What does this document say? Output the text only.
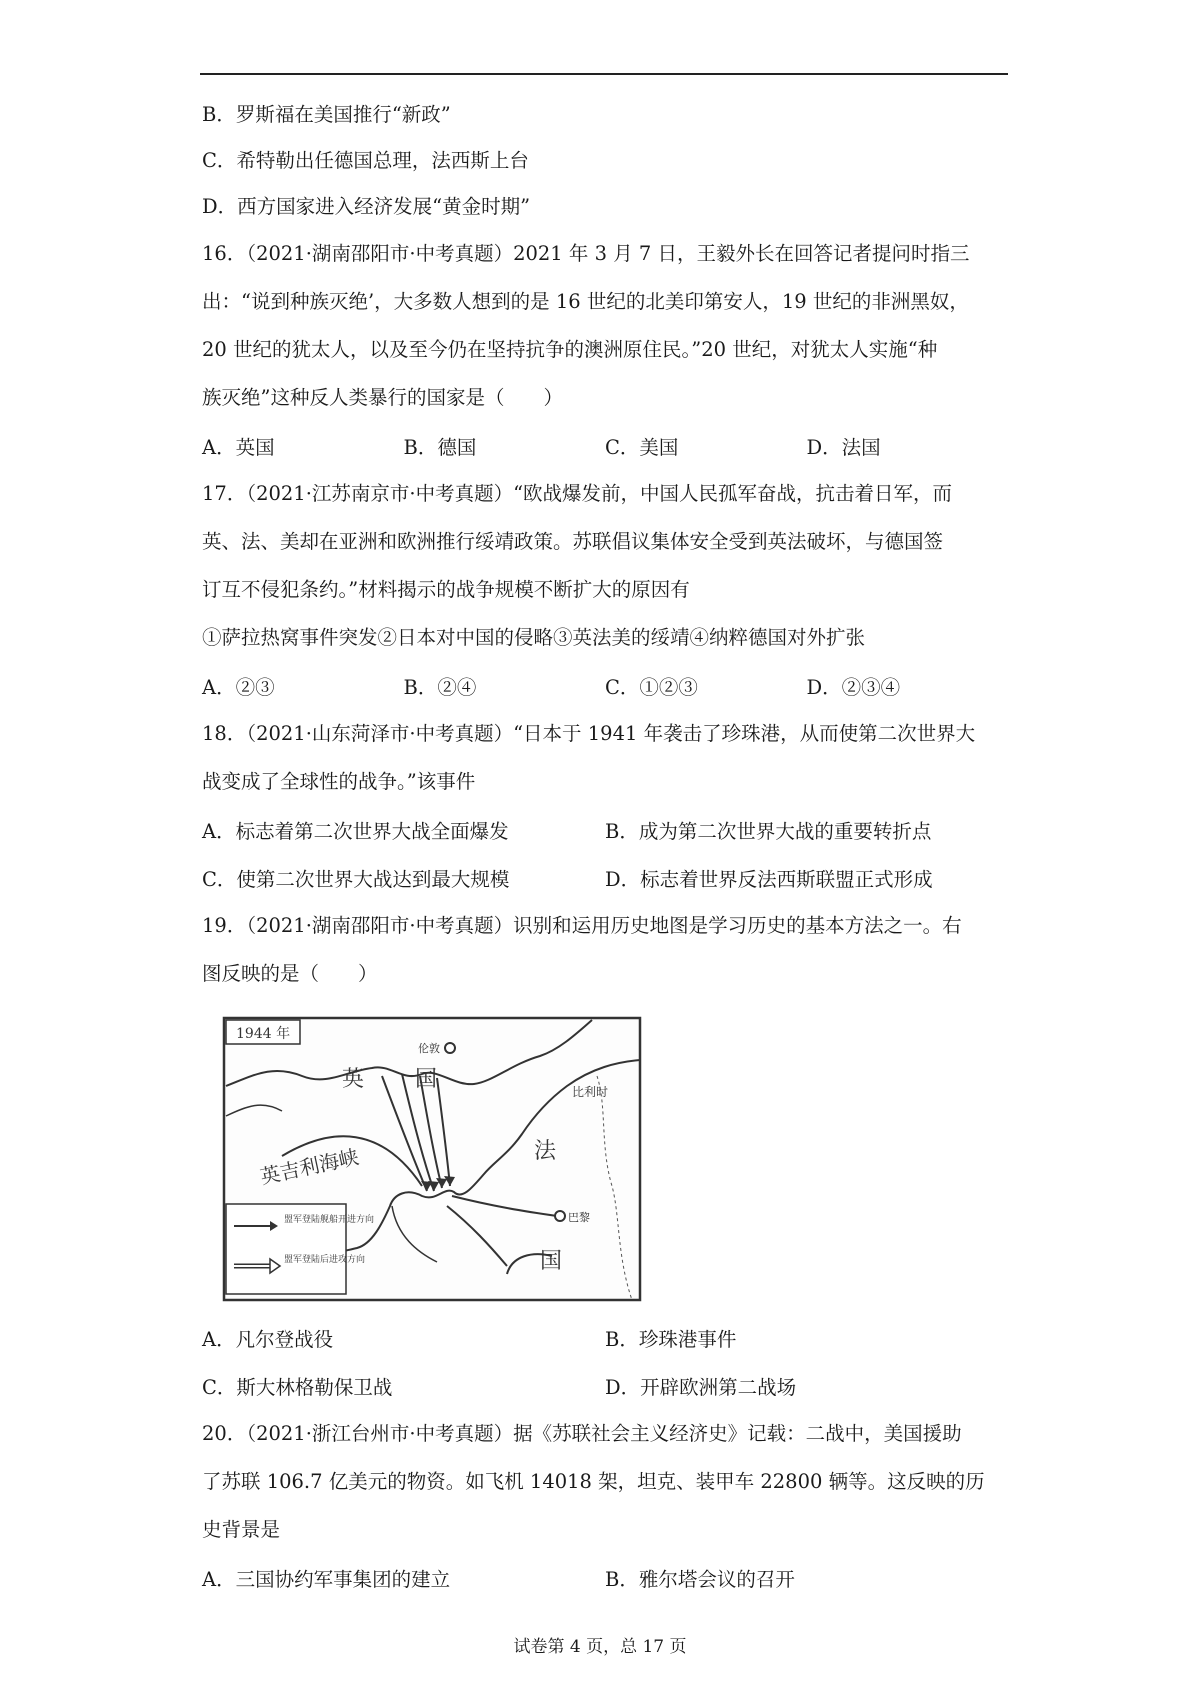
B．罗斯福在美国推行“新政”

C．希特勒出任德国总理，法西斯上台

D．西方国家进入经济发展“黄金时期”

16．（2021·湖南邵阳市·中考真题）2021 年 3 月 7 日，王毅外长在回答记者提问时指三

出：“说到种族灭绝’，大多数人想到的是 16 世纪的北美印第安人，19 世纪的非洲黑奴，

20 世纪的犹太人，以及至今仍在坚持抗争的澳洲原住民。”20 世纪，对犹太人实施“种

族灭绝”这种反人类暴行的国家是（　　）

A．英国	B．德国	C．美国	D．法国

17．（2021·江苏南京市·中考真题）“欧战爆发前，中国人民孤军奋战，抗击着日军，而

英、法、美却在亚洲和欧洲推行绥靖政策。苏联倡议集体安全受到英法破坏，与德国签

订互不侵犯条约。”材料揭示的战争规模不断扩大的原因有

①萨拉热窝事件突发②日本对中国的侵略③英法美的绥靖④纳粹德国对外扩张

A．②③	B．②④	C．①②③	D．②③④

18．（2021·山东菏泽市·中考真题）“日本于 1941 年袭击了珍珠港，从而使第二次世界大

战变成了全球性的战争。”该事件

A．标志着第二次世界大战全面爆发	B．成为第二次世界大战的重要转折点
C．使第二次世界大战达到最大规模	D．标志着世界反法西斯联盟正式形成

19．（2021·湖南邵阳市·中考真题）识别和运用历史地图是学习历史的基本方法之一。右

图反映的是（　　）

1944 年
伦敦
巴黎
英 国	比利时
英吉利海峡	法
国
盟军登陆舰船开进方向
盟军登陆后进攻方向
A．凡尔登战役	B．珍珠港事件
C．斯大林格勒保卫战	D．开辟欧洲第二战场

20．（2021·浙江台州市·中考真题）据《苏联社会主义经济史》记载：二战中，美国援助

了苏联 106.7 亿美元的物资。如飞机 14018 架，坦克、装甲车 22800 辆等。这反映的历

史背景是

A．三国协约军事集团的建立	B．雅尔塔会议的召开
试卷第 4 页，总 17 页
